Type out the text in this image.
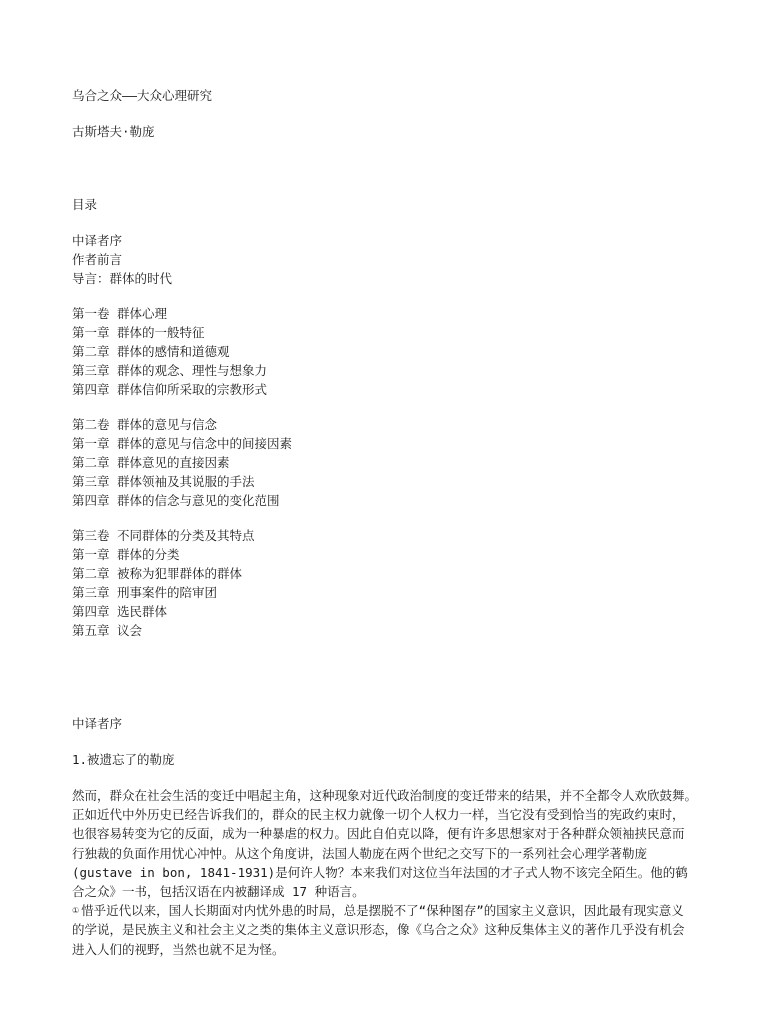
乌合之众——大众心理研究

古斯塔夫·勒庞

目录

中译者序

作者前言

导言：群体的时代

第一卷 群体心理

第一章 群体的一般特征

第二章 群体的感情和道德观

第三章 群体的观念、理性与想象力

第四章 群体信仰所采取的宗教形式

第二卷 群体的意见与信念

第一章 群体的意见与信念中的间接因素

第二章 群体意见的直接因素

第三章 群体领袖及其说服的手法

第四章 群体的信念与意见的变化范围

第三卷 不同群体的分类及其特点

第一章 群体的分类

第二章 被称为犯罪群体的群体

第三章 刑事案件的陪审团

第四章 选民群体

第五章 议会

中译者序

1.被遗忘了的勒庞

然而，群众在社会生活的变迁中唱起主角，这种现象对近代政治制度的变迁带来的结果，并不全都令人欢欣鼓舞。

正如近代中外历史已经告诉我们的，群众的民主权力就像一切个人权力一样，当它没有受到恰当的宪政约束时，

也很容易转变为它的反面，成为一种暴虐的权力。因此自伯克以降，便有许多思想家对于各种群众领袖挟民意而

行独裁的负面作用忧心冲忡。从这个角度讲，法国人勒庞在两个世纪之交写下的一系列社会心理学著勒庞

(gustave in bon, 1841-1931)是何许人物？本来我们对这位当年法国的才子式人物不该完全陌生。他的鹤

合之众》一书，包括汉语在内被翻译成 17 种语言。

① 惜乎近代以来，国人长期面对内忧外患的时局，总是摆脱不了“保种图存”的国家主义意识，因此最有现实意义

的学说，是民族主义和社会主义之类的集体主义意识形态，像《乌合之众》这种反集体主义的著作几乎没有机会

进入人们的视野，当然也就不足为怪。
